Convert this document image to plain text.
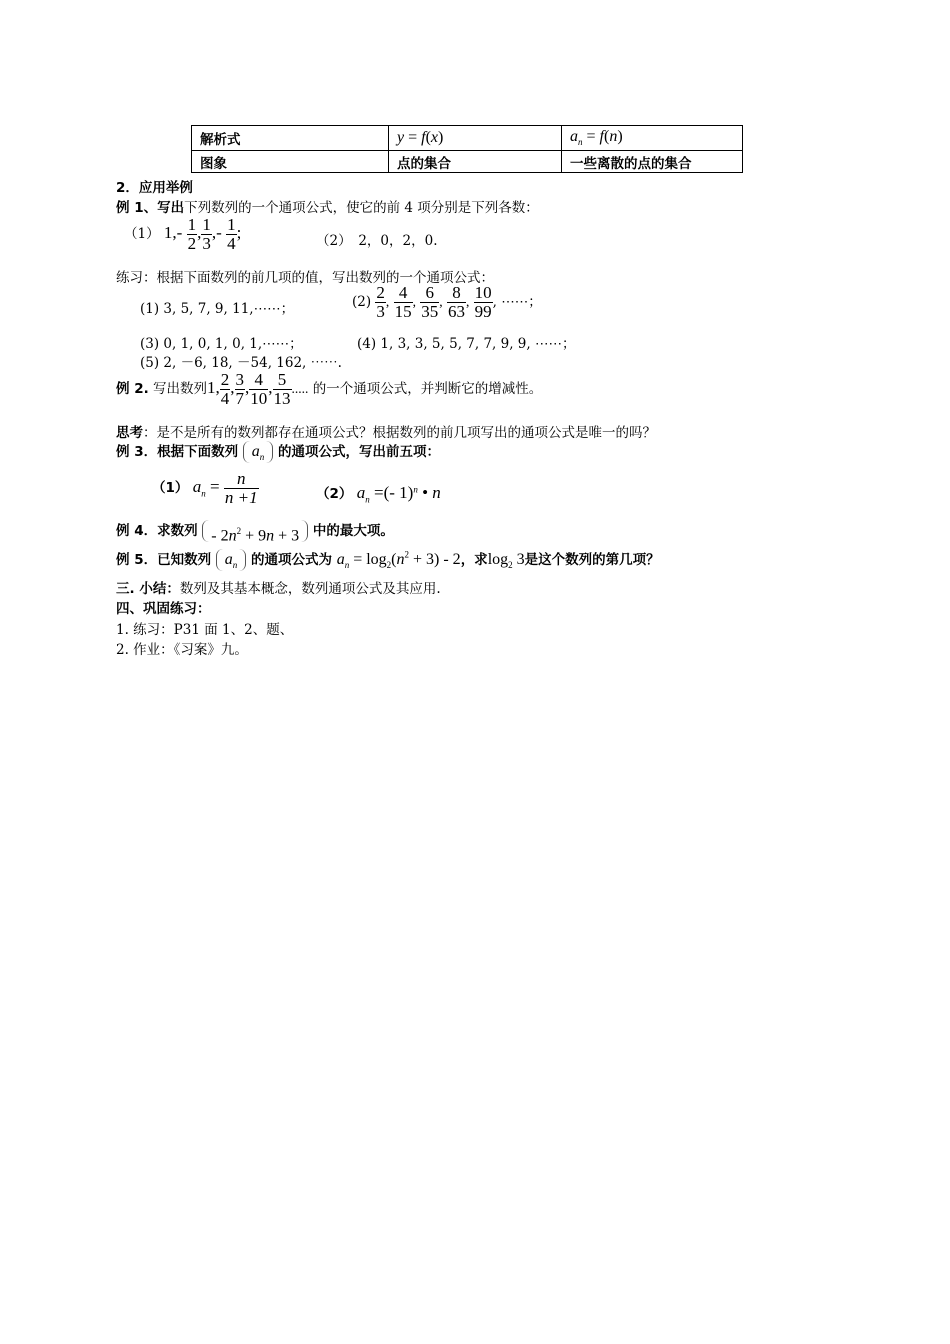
解析式	y = f(x)	$a_n = f(n)$
图象	点的集合	一些离散的点的集合
2．应用举例
例 1、写出下列数列的一个通项公式，使它的前 4 项分别是下列各数：
（1） $1,- \frac{1}{2}$ , $\frac{1}{3}$ ,- $\frac{1}{4}$ ;	（2）　2，0，2，0.
练习：根据下面数列的前几项的值，写出数列的一个通项公式：
(1) 3, 5, 7, 9, 11,⋯⋯；	$(2) \frac{2}{3}$ , $\frac{4}{15}$ , $\frac{6}{35}$ , $\frac{8}{63}$ , $\frac{10}{99}$ , ⋯⋯；
(3) 0, 1, 0, 1, 0, 1,⋯⋯；	(4) 1, 3, 3, 5, 5, 7, 7, 9, 9, ⋯⋯；
(5) 2, －6, 18, －54, 162, ⋯⋯.
例 2. 写出数列1, $\frac{2}{4}$ , $\frac{3}{7}$ , $\frac{4}{10}$ , $\frac{5}{13}$ ..... 的一个通项公式，并判断它的增减性。
思考：是不是所有的数列都存在通项公式？根据数列的前几项写出的通项公式是唯一的吗？
例 3．根据下面数列 $a_n$ 的通项公式，写出前五项：
（1） $a_n = \frac{n}{n +1}$	（2） $a_n$ =(- 1)$^n$ • n
例 4．求数列 - $2n^2 + 9n + 3$ 中的最大项。
例 5．已知数列 $a_n$ 的通项公式为 $a_n = \log_2(n^2 + 3) - 2$，求$\log_2 3$是这个数列的第几项？
三. 小结：数列及其基本概念，数列通项公式及其应用.
四、巩固练习：
1. 练习：P31 面 1、2、题、
2. 作业：《习案》九。
